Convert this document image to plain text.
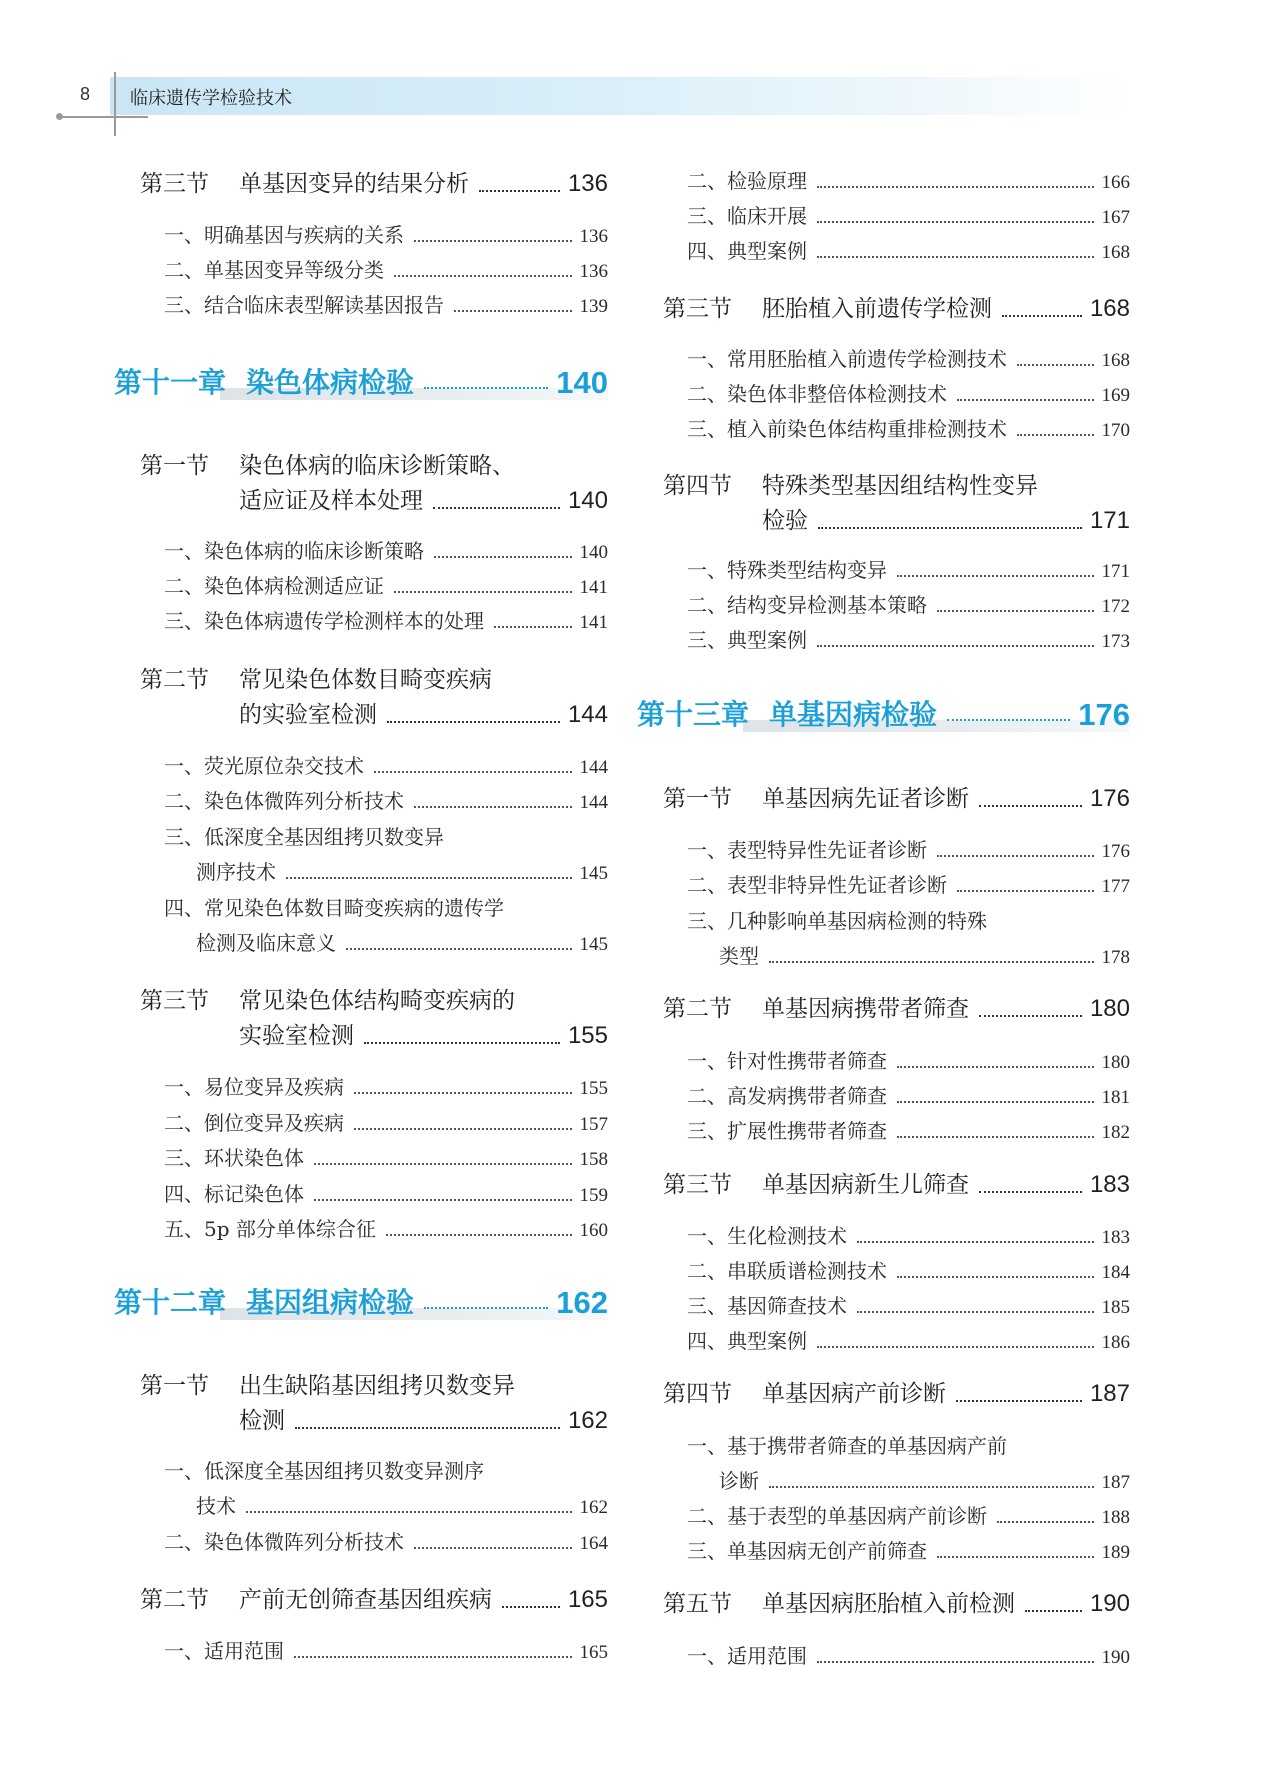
8 临床遗传学检验技术
第三节	单基因变异的结果分析	136
一、明确基因与疾病的关系	136
二、单基因变异等级分类	136
三、结合临床表型解读基因报告	139
第十一章 染色体病检验	140
第一节	染色体病的临床诊断策略、
适应证及样本处理	140
一、染色体病的临床诊断策略	140
二、染色体病检测适应证	141
三、染色体病遗传学检测样本的处理	141
第二节	常见染色体数目畸变疾病
的实验室检测	144
一、荧光原位杂交技术	144
二、染色体微阵列分析技术	144
三、低深度全基因组拷贝数变异
测序技术	145
四、常见染色体数目畸变疾病的遗传学
检测及临床意义	145
第三节	常见染色体结构畸变疾病的
实验室检测	155
一、易位变异及疾病	155
二、倒位变异及疾病	157
三、环状染色体	158
四、标记染色体	159
五、5p 部分单体综合征	160
第十二章 基因组病检验	162
第一节	出生缺陷基因组拷贝数变异
检测	162
一、低深度全基因组拷贝数变异测序
技术	162
二、染色体微阵列分析技术	164
第二节	产前无创筛查基因组疾病	165
一、适用范围	165
二、检验原理	166
三、临床开展	167
四、典型案例	168
第三节	胚胎植入前遗传学检测	168
一、常用胚胎植入前遗传学检测技术	168
二、染色体非整倍体检测技术	169
三、植入前染色体结构重排检测技术	170
第四节	特殊类型基因组结构性变异
检验	171
一、特殊类型结构变异	171
二、结构变异检测基本策略	172
三、典型案例	173
第十三章 单基因病检验	176
第一节	单基因病先证者诊断	176
一、表型特异性先证者诊断	176
二、表型非特异性先证者诊断	177
三、几种影响单基因病检测的特殊
类型	178
第二节	单基因病携带者筛查	180
一、针对性携带者筛查	180
二、高发病携带者筛查	181
三、扩展性携带者筛查	182
第三节	单基因病新生儿筛查	183
一、生化检测技术	183
二、串联质谱检测技术	184
三、基因筛查技术	185
四、典型案例	186
第四节	单基因病产前诊断	187
一、基于携带者筛查的单基因病产前
诊断	187
二、基于表型的单基因病产前诊断	188
三、单基因病无创产前筛查	189
第五节	单基因病胚胎植入前检测	190
一、适用范围	190
